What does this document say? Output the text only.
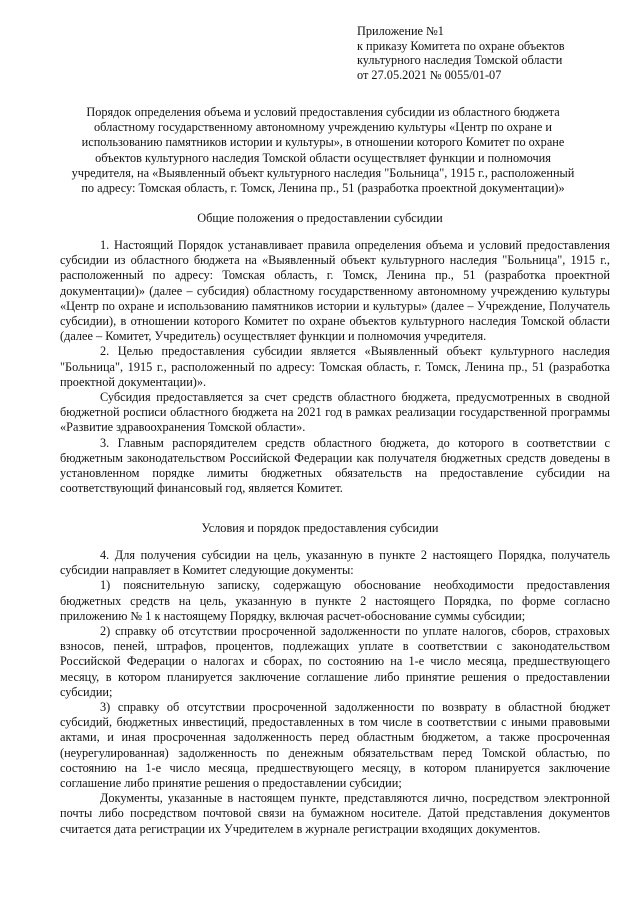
Приложение №1
к приказу Комитета по охране объектов
культурного наследия Томской области
от 27.05.2021 № 0055/01-07
Порядок определения объема и условий предоставления субсидии из областного бюджета областному государственному автономному учреждению культуры «Центр по охране и использованию памятников истории и культуры», в отношении которого Комитет по охране объектов культурного наследия Томской области осуществляет функции и полномочия учредителя, на «Выявленный объект культурного наследия "Больница", 1915 г., расположенный по адресу: Томская область, г. Томск, Ленина пр., 51 (разработка проектной документации)»
Общие положения о предоставлении субсидии

1. Настоящий Порядок устанавливает правила определения объема и условий предоставления субсидии из областного бюджета на «Выявленный объект культурного наследия "Больница", 1915 г., расположенный по адресу: Томская область, г. Томск, Ленина пр., 51 (разработка проектной документации)» (далее – субсидия) областному государственному автономному учреждению культуры «Центр по охране и использованию памятников истории и культуры» (далее – Учреждение, Получатель субсидии), в отношении которого Комитет по охране объектов культурного наследия Томской области (далее – Комитет, Учредитель) осуществляет функции и полномочия учредителя.

2. Целью предоставления субсидии является «Выявленный объект культурного наследия "Больница", 1915 г., расположенный по адресу: Томская область, г. Томск, Ленина пр., 51 (разработка проектной документации)».

Субсидия предоставляется за счет средств областного бюджета, предусмотренных в сводной бюджетной росписи областного бюджета на 2021 год в рамках реализации государственной программы «Развитие здравоохранения Томской области».

3. Главным распорядителем средств областного бюджета, до которого в соответствии с бюджетным законодательством Российской Федерации как получателя бюджетных средств доведены в установленном порядке лимиты бюджетных обязательств на предоставление субсидии на соответствующий финансовый год, является Комитет.

Условия и порядок предоставления субсидии

4. Для получения субсидии на цель, указанную в пункте 2 настоящего Порядка, получатель субсидии направляет в Комитет следующие документы:

1) пояснительную записку, содержащую обоснование необходимости предоставления бюджетных средств на цель, указанную в пункте 2 настоящего Порядка, по форме согласно приложению № 1 к настоящему Порядку, включая расчет-обоснование суммы субсидии;

2) справку об отсутствии просроченной задолженности по уплате налогов, сборов, страховых взносов, пеней, штрафов, процентов, подлежащих уплате в соответствии с законодательством Российской Федерации о налогах и сборах, по состоянию на 1-е число месяца, предшествующего месяцу, в котором планируется заключение соглашение либо принятие решения о предоставлении субсидии;

3) справку об отсутствии просроченной задолженности по возврату в областной бюджет субсидий, бюджетных инвестиций, предоставленных в том числе в соответствии с иными правовыми актами, и иная просроченная задолженность перед областным бюджетом, а также просроченная (неурегулированная) задолженность по денежным обязательствам перед Томской областью, по состоянию на 1-е число месяца, предшествующего месяцу, в котором планируется заключение соглашение либо принятие решения о предоставлении субсидии;

Документы, указанные в настоящем пункте, представляются лично, посредством электронной почты либо посредством почтовой связи на бумажном носителе. Датой представления документов считается дата регистрации их Учредителем в журнале регистрации входящих документов.
